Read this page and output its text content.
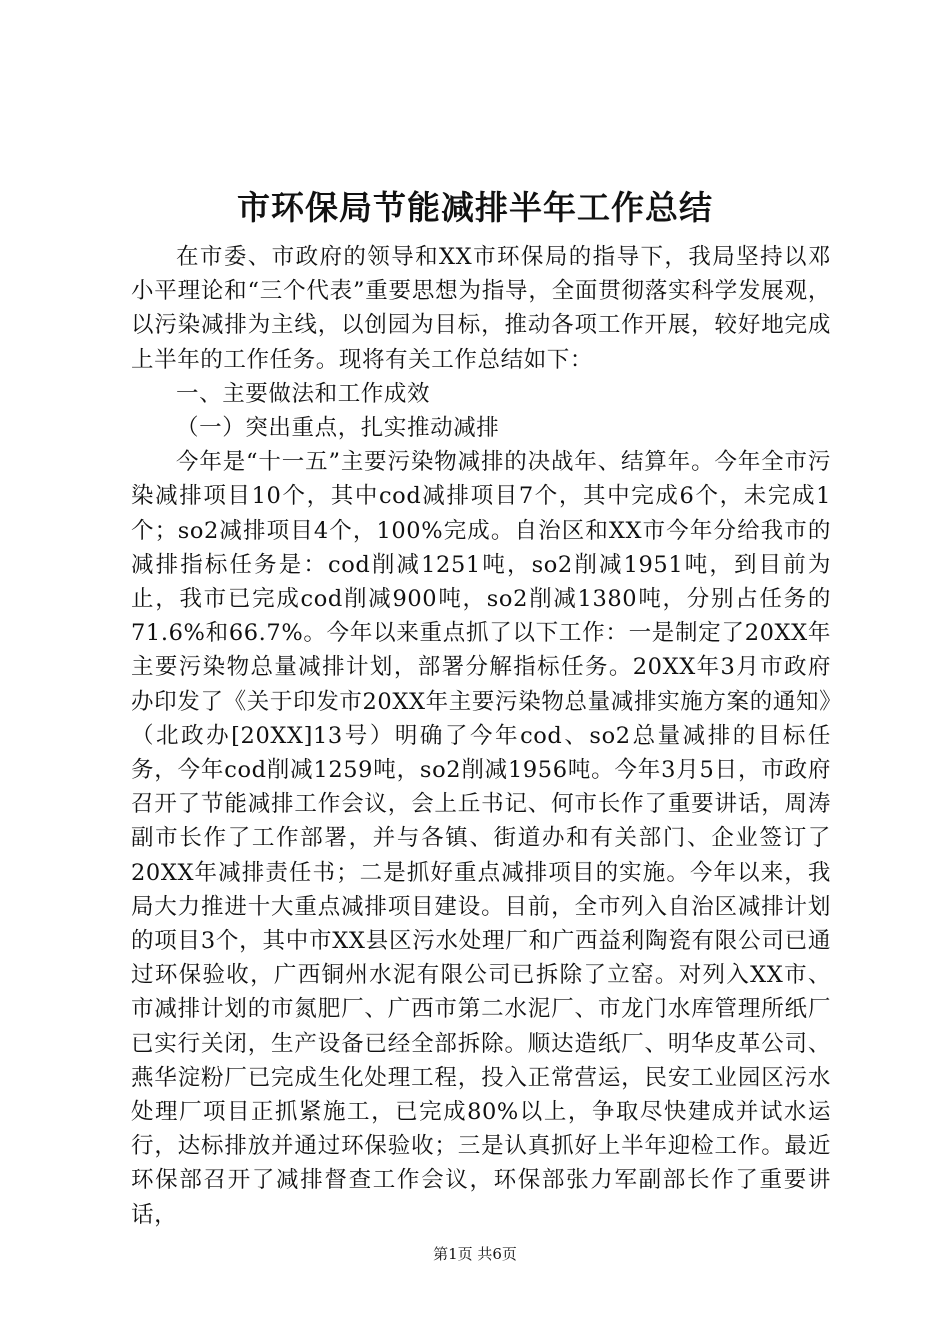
市环保局节能减排半年工作总结

在市委、市政府的领导和XX市环保局的指导下，我局坚持以邓小平理论和“三个代表”重要思想为指导，全面贯彻落实科学发展观，以污染减排为主线，以创园为目标，推动各项工作开展，较好地完成上半年的工作任务。现将有关工作总结如下：

一、主要做法和工作成效

（一）突出重点，扎实推动减排

今年是“十一五”主要污染物减排的决战年、结算年。今年全市污染减排项目10个，其中cod减排项目7个，其中完成6个，未完成1个；so2减排项目4个，100%完成。自治区和XX市今年分给我市的减排指标任务是：cod削减1251吨，so2削减1951吨，到目前为止，我市已完成cod削减900吨，so2削减1380吨，分别占任务的71.6%和66.7%。今年以来重点抓了以下工作：一是制定了20XX年主要污染物总量减排计划，部署分解指标任务。20XX年3月市政府办印发了《关于印发市20XX年主要污染物总量减排实施方案的通知》（北政办[20XX]13号）明确了今年cod、so2总量减排的目标任务，今年cod削减1259吨，so2削减1956吨。今年3月5日，市政府召开了节能减排工作会议，会上丘书记、何市长作了重要讲话，周涛副市长作了工作部署，并与各镇、街道办和有关部门、企业签订了20XX年减排责任书；二是抓好重点减排项目的实施。今年以来，我局大力推进十大重点减排项目建设。目前，全市列入自治区减排计划的项目3个，其中市XX县区污水处理厂和广西益利陶瓷有限公司已通过环保验收，广西铜州水泥有限公司已拆除了立窑。对列入XX市、市减排计划的市氮肥厂、广西市第二水泥厂、市龙门水库管理所纸厂已实行关闭，生产设备已经全部拆除。顺达造纸厂、明华皮革公司、燕华淀粉厂已完成生化处理工程，投入正常营运，民安工业园区污水处理厂项目正抓紧施工，已完成80%以上，争取尽快建成并试水运行，达标排放并通过环保验收；三是认真抓好上半年迎检工作。最近环保部召开了减排督查工作会议，环保部张力军副部长作了重要讲话，

第1页 共6页
